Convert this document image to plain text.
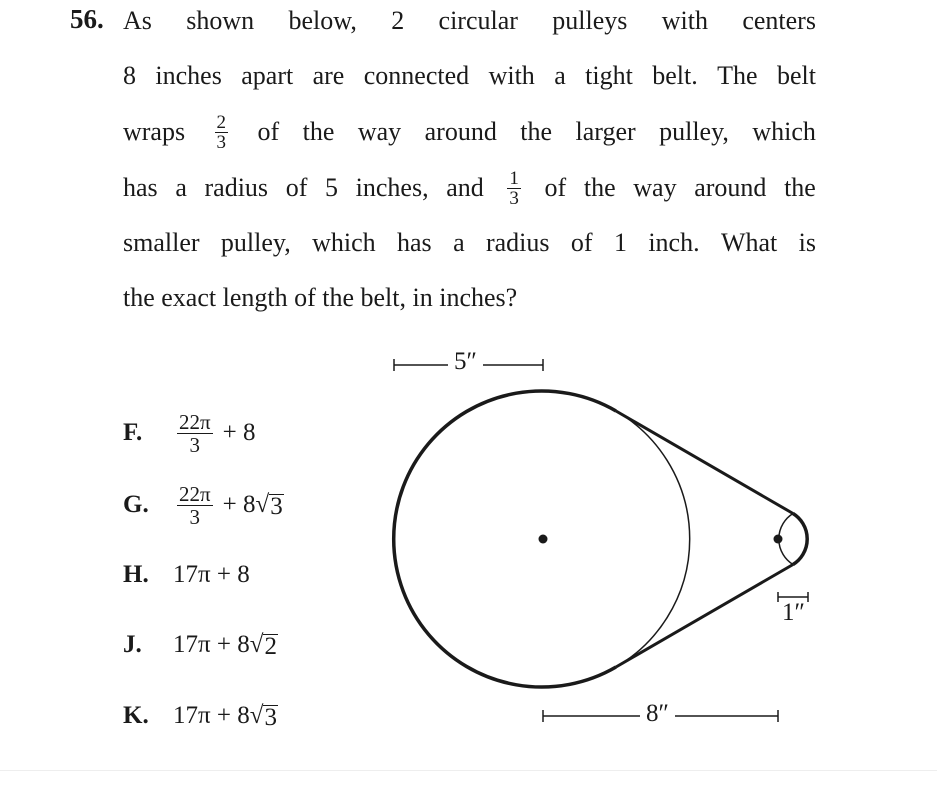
56. As shown below, 2 circular pulleys with centers
8 inches apart are connected with a tight belt. The belt
wraps $\frac{2}{3}$ of the way around the larger pulley, which
has a radius of 5 inches, and $\frac{1}{3}$ of the way around the
smaller pulley, which has a radius of 1 inch. What is
the exact length of the belt, in inches?
F.	$\frac{22\pi}{3} + 8$
G.	$\frac{22\pi}{3} + 8$ √ 3
H. 17π + 8
J.	17π + 8 √ 2
K. 17π + 8 √ 3
5″
8″
1″
